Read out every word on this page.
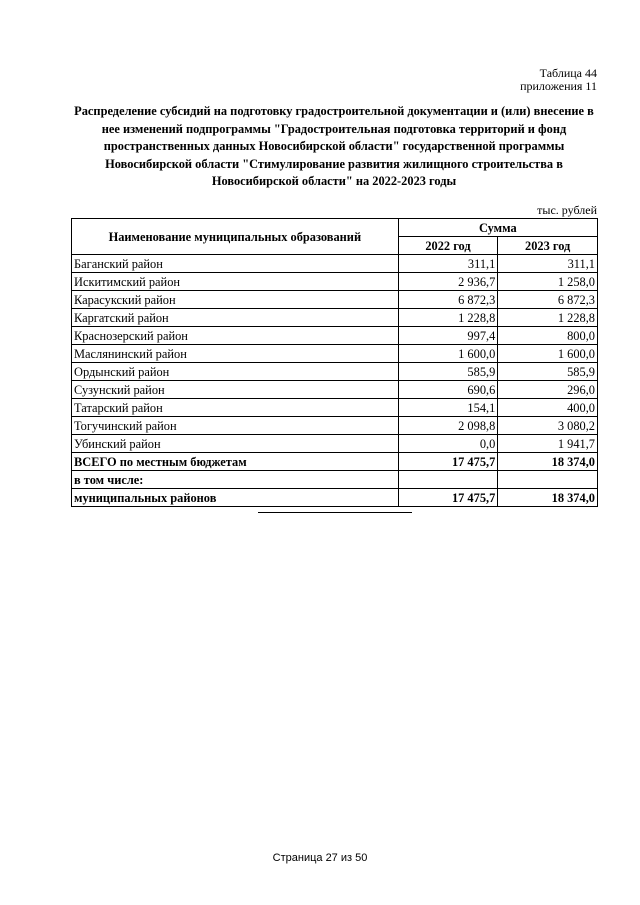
Таблица 44
приложения 11
Распределение субсидий на подготовку градостроительной документации и (или) внесение в нее изменений подпрограммы "Градостроительная подготовка территорий и фонд пространственных данных Новосибирской области" государственной программы Новосибирской области "Стимулирование развития жилищного строительства в Новосибирской области" на 2022-2023 годы
тыс. рублей
Наименование муниципальных образований	Сумма	
	2022 год	2023 год
Баганский район	311,1	311,1
Искитимский район	2 936,7	1 258,0
Карасукский район	6 872,3	6 872,3
Каргатский район	1 228,8	1 228,8
Краснозерский район	997,4	800,0
Маслянинский район	1 600,0	1 600,0
Ордынский район	585,9	585,9
Сузунский район	690,6	296,0
Татарский район	154,1	400,0
Тогучинский район	2 098,8	3 080,2
Убинский район	0,0	1 941,7
ВСЕГО по местным бюджетам	17 475,7	18 374,0
в том числе:		
муниципальных районов	17 475,7	18 374,0
Страница 27 из 50
